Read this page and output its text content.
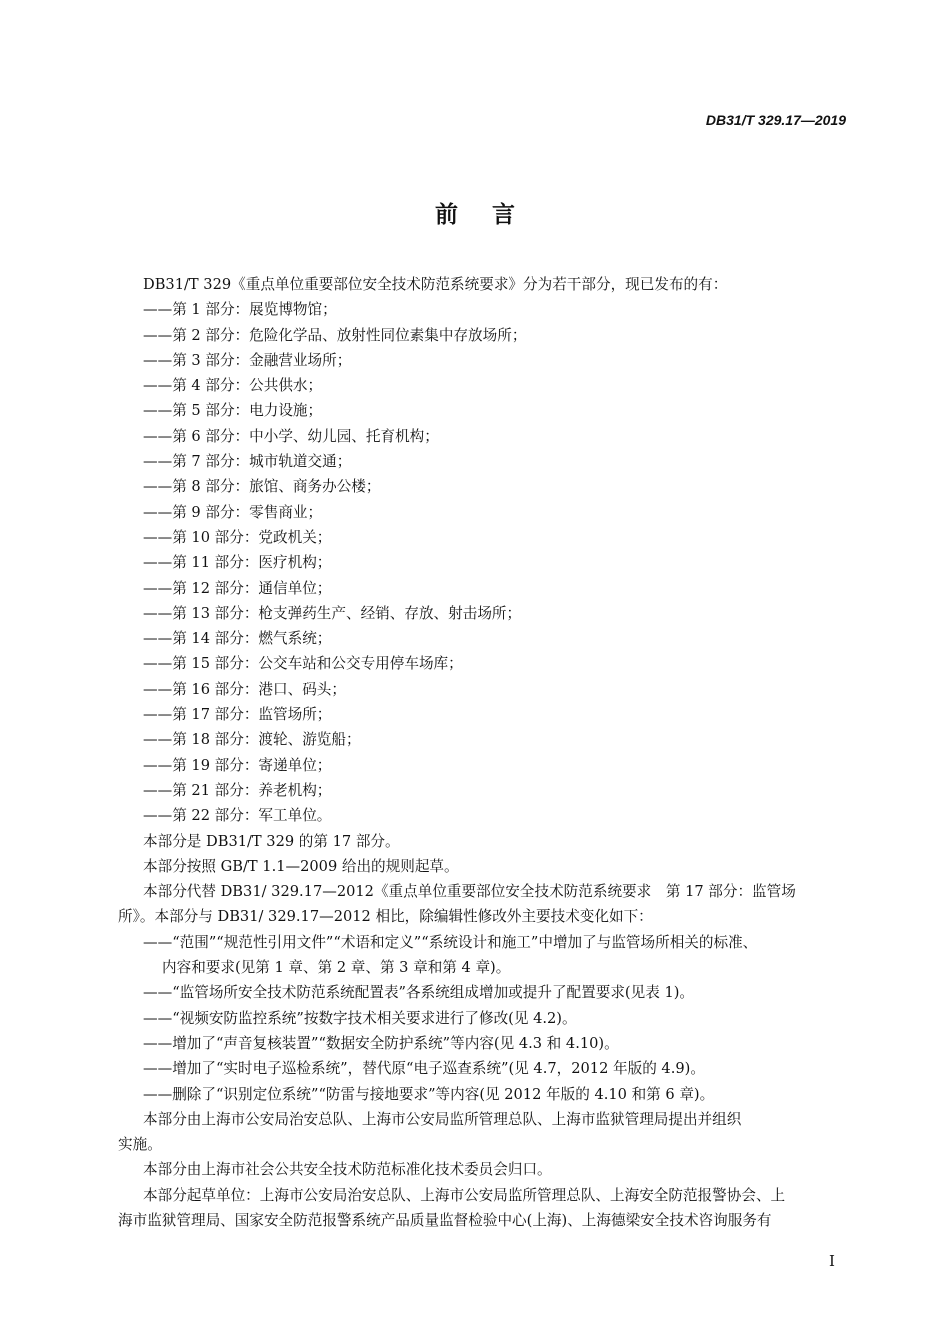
DB31/T 329.17—2019
前言
DB31/T 329《重点单位重要部位安全技术防范系统要求》分为若干部分，现已发布的有：
——第 1 部分：展览博物馆；
——第 2 部分：危险化学品、放射性同位素集中存放场所；
——第 3 部分：金融营业场所；
——第 4 部分：公共供水；
——第 5 部分：电力设施；
——第 6 部分：中小学、幼儿园、托育机构；
——第 7 部分：城市轨道交通；
——第 8 部分：旅馆、商务办公楼；
——第 9 部分：零售商业；
——第 10 部分：党政机关；
——第 11 部分：医疗机构；
——第 12 部分：通信单位；
——第 13 部分：枪支弹药生产、经销、存放、射击场所；
——第 14 部分：燃气系统；
——第 15 部分：公交车站和公交专用停车场库；
——第 16 部分：港口、码头；
——第 17 部分：监管场所；
——第 18 部分：渡轮、游览船；
——第 19 部分：寄递单位；
——第 21 部分：养老机构；
——第 22 部分：军工单位。
本部分是 DB31/T 329 的第 17 部分。
本部分按照 GB/T 1.1—2009 给出的规则起草。
本部分代替 DB31/ 329.17—2012《重点单位重要部位安全技术防范系统要求　第 17 部分：监管场
所》。本部分与 DB31/ 329.17—2012 相比，除编辑性修改外主要技术变化如下：
——“范围”“规范性引用文件”“术语和定义”“系统设计和施工”中增加了与监管场所相关的标准、
内容和要求(见第 1 章、第 2 章、第 3 章和第 4 章)。
——“监管场所安全技术防范系统配置表”各系统组成增加或提升了配置要求(见表 1)。
——“视频安防监控系统”按数字技术相关要求进行了修改(见 4.2)。
——增加了“声音复核装置”“数据安全防护系统”等内容(见 4.3 和 4.10)。
——增加了“实时电子巡检系统”，替代原“电子巡查系统”(见 4.7，2012 年版的 4.9)。
——删除了“识别定位系统”“防雷与接地要求”等内容(见 2012 年版的 4.10 和第 6 章)。
本部分由上海市公安局治安总队、上海市公安局监所管理总队、上海市监狱管理局提出并组织
实施。
本部分由上海市社会公共安全技术防范标准化技术委员会归口。
本部分起草单位：上海市公安局治安总队、上海市公安局监所管理总队、上海安全防范报警协会、上
海市监狱管理局、国家安全防范报警系统产品质量监督检验中心(上海)、上海德梁安全技术咨询服务有
I
